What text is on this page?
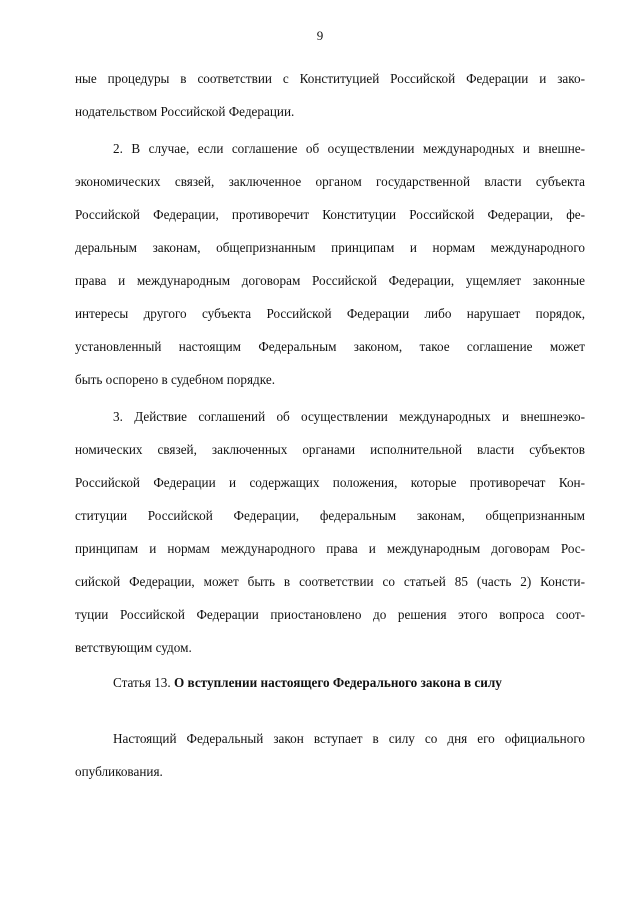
9
ные процедуры в соответствии с Конституцией Российской Федерации и зако-
нодательством Российской Федерации.
2. В случае, если соглашение об осуществлении международных и внешне-
экономических связей, заключенное органом государственной власти субъекта
Российской Федерации, противоречит Конституции Российской Федерации, фе-
деральным законам, общепризнанным принципам и нормам международного
права и международным договорам Российской Федерации, ущемляет законные
интересы другого субъекта Российской Федерации либо нарушает порядок,
установленный настоящим Федеральным законом, такое соглашение может
быть оспорено в судебном порядке.
3. Действие соглашений об осуществлении международных и внешнеэко-
номических связей, заключенных органами исполнительной власти субъектов
Российской Федерации и содержащих положения, которые противоречат Кон-
ституции Российской Федерации, федеральным законам, общепризнанным
принципам и нормам международного права и международным договорам Рос-
сийской Федерации, может быть в соответствии со статьей 85 (часть 2) Консти-
туции Российской Федерации приостановлено до решения этого вопроса соот-
ветствующим судом.
Статья 13. О вступлении настоящего Федерального закона в силу
Настоящий Федеральный закон вступает в силу со дня его официального
опубликования.
